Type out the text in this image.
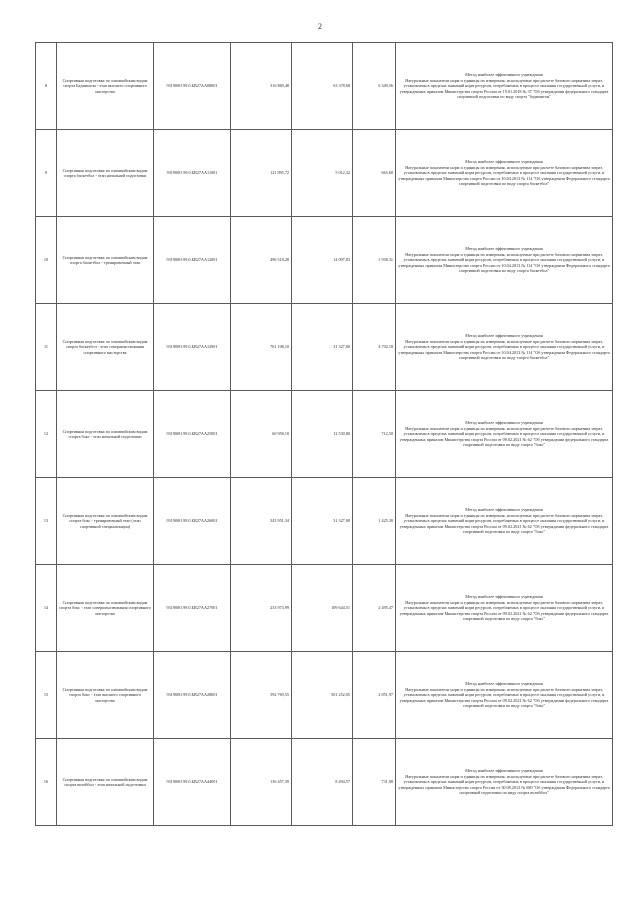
2
8	Спортивная подготовка по олимпийским видам спорта Бадминтон - этап высшего спортивного мастерства	931900О.99.0.БВ27АА08001	316 869,48	63 378,68	6 349,56	Метод наиболее эффективного учреждения
Натуральные показатели норм и единицы их измерения, используемые при расчете базового норматива затрат, установлены в пределах значений норм ресурсов, потребляемых в процессе оказания государственной услуги, и утвержденных приказом Министерства спорта России от 19.01.2018 № 37 "Об утверждении федерального стандарта спортивной подготовки по виду спорта "бадминтон"

9	Спортивная подготовка по олимпийским видам спорта баскетбол - этап начальной подготовки	931900О.99.0.БВ27АА11001	121 895,72	5 012,32	663,60	Метод наиболее эффективного учреждения
Натуральные показатели норм и единицы их измерения, используемые при расчете базового норматива затрат, установлены в пределах значений норм ресурсов, потребляемых в процессе оказания государственной услуги, и утвержденных приказом Министерства спорта России от 10.04.2013 № 114 "Об утверждении Федерального стандарта спортивной подготовки по виду спорта баскетбол"

10	Спортивная подготовка по олимпийским видам спорта баскетбол - тренировочный этап	931900О.99.0.БВ27АА12001	496 518,28	14 097,83	1 938,31	Метод наиболее эффективного учреждения
Натуральные показатели норм и единицы их измерения, используемые при расчете базового норматива затрат, установлены в пределах значений норм ресурсов, потребляемых в процессе оказания государственной услуги, и утвержденных приказом Министерства спорта России от 10.04.2013 № 114 "Об утверждении Федерального стандарта спортивной подготовки по виду спорта баскетбол"

11	Спортивная подготовка по олимпийским видам спорта баскетбол - этап совершенствования спортивного мастерства	931900О.99.0.БВ27АА12901	761 108,10	31 327,00	4 702,18	Метод наиболее эффективного учреждения
Натуральные показатели норм и единицы их измерения, используемые при расчете базового норматива затрат, установлены в пределах значений норм ресурсов, потребляемых в процессе оказания государственной услуги, и утвержденных приказом Министерства спорта России от 10.04.2013 № 114 "Об утверждении Федерального стандарта спортивной подготовки по виду спорта баскетбол"

12	Спортивная подготовка по олимпийским видам спорта бокс - этап начальной подготовки	931900О.99.0.БВ27АА25001	60 958,10	12 530,80	712,50	Метод наиболее эффективного учреждения
Натуральные показатели норм и единицы их измерения, используемые при расчете базового норматива затрат, установлены в пределах значений норм ресурсов, потребляемых в процессе оказания государственной услуги, и утвержденных приказом Министерства спорта России от 09.02.2021 № 62 "Об утверждении федерального стандарта спортивной подготовки по виду спорта "бокс"

13	Спортивная подготовка по олимпийским видам спорта бокс - тренировочный этап (этап спортивной специализации)	931900О.99.0.БВ27АА26001	343 951,34	31 327,00	1 425,38	Метод наиболее эффективного учреждения
Натуральные показатели норм и единицы их измерения, используемые при расчете базового норматива затрат, установлены в пределах значений норм ресурсов, потребляемых в процессе оказания государственной услуги, и утвержденных приказом Министерства спорта России от 09.02.2021 № 62 "Об утверждении федерального стандарта спортивной подготовки по виду спорта "бокс"

14	Спортивная подготовка по олимпийским видам спорта бокс - этап совершенствования спортивного мастерства	931900О.99.0.БВ27АА27001	233 973,99	109 644,51	2 495,47	Метод наиболее эффективного учреждения
Натуральные показатели норм и единицы их измерения, используемые при расчете базового норматива затрат, установлены в пределах значений норм ресурсов, потребляемых в процессе оказания государственной услуги, и утвержденных приказом Министерства спорта России от 09.02.2021 № 62 "Об утверждении федерального стандарта спортивной подготовки по виду спорта "бокс"

15	Спортивная подготовка по олимпийским видам спорта бокс - этап высшего спортивного мастерства	931900О.99.0.БВ27АА28001	592 769,55	501 252,05	2 851,97	Метод наиболее эффективного учреждения
Натуральные показатели норм и единицы их измерения, используемые при расчете базового норматива затрат, установлены в пределах значений норм ресурсов, потребляемых в процессе оказания государственной услуги, и утвержденных приказом Министерства спорта России от 09.02.2021 № 62 "Об утверждении федерального стандарта спортивной подготовки по виду спорта "бокс"

16	Спортивная подготовка по олимпийским видам спорта волейбол - этап начальной подготовки	931900О.99.0.БВ27АА44001	136 457,39	8 494,57	731,98	Метод наиболее эффективного учреждения
Натуральные показатели норм и единицы их измерения, используемые при расчете базового норматива затрат, установлены в пределах значений норм ресурсов, потребляемых в процессе оказания государственной услуги, и утвержденных приказом Министерства спорта России от 30.08.2013 № 680 "Об утверждении Федерального стандарта спортивной подготовки по виду спорта волейбол"
